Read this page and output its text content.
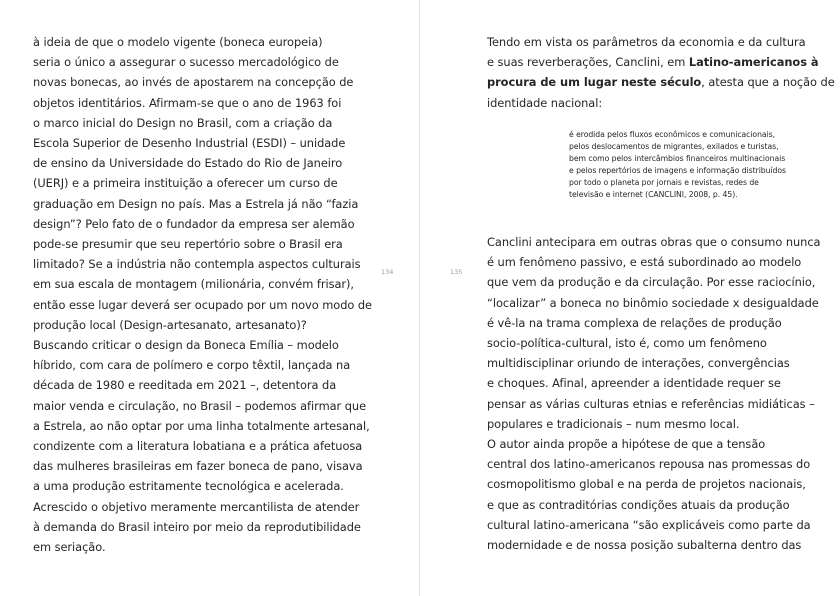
134	135
à ideia de que o modelo vigente (boneca europeia)
seria o único a assegurar o sucesso mercadológico de
novas bonecas, ao invés de apostarem na concepção de
objetos identitários. Afirmam-se que o ano de 1963 foi
o marco inicial do Design no Brasil, com a criação da
Escola Superior de Desenho Industrial (ESDI) – unidade
de ensino da Universidade do Estado do Rio de Janeiro
(UERJ) e a primeira instituição a oferecer um curso de
graduação em Design no país. Mas a Estrela já não “fazia
design”? Pelo fato de o fundador da empresa ser alemão
pode-se presumir que seu repertório sobre o Brasil era
limitado? Se a indústria não contempla aspectos culturais
em sua escala de montagem (milionária, convém frisar),
então esse lugar deverá ser ocupado por um novo modo de
produção local (Design-artesanato, artesanato)?
Buscando criticar o design da Boneca Emília – modelo
híbrido, com cara de polímero e corpo têxtil, lançada na
década de 1980 e reeditada em 2021 –, detentora da
maior venda e circulação, no Brasil – podemos afirmar que
a Estrela, ao não optar por uma linha totalmente artesanal,
condizente com a literatura lobatiana e a prática afetuosa
das mulheres brasileiras em fazer boneca de pano, visava
a uma produção estritamente tecnológica e acelerada.
Acrescido o objetivo meramente mercantilista de atender
à demanda do Brasil inteiro por meio da reprodutibilidade
em seriação.
Tendo em vista os parâmetros da economia e da cultura
e suas reverberações, Canclini, em Latino-americanos à
procura de um lugar neste século, atesta que a noção de
identidade nacional:
é erodida pelos fluxos econômicos e comunicacionais,
pelos deslocamentos de migrantes, exilados e turistas,
bem como pelos intercâmbios financeiros multinacionais
e pelos repertórios de imagens e informação distribuídos
por todo o planeta por jornais e revistas, redes de
televisão e internet (CANCLINI, 2008, p. 45).
Canclini antecipara em outras obras que o consumo nunca
é um fenômeno passivo, e está subordinado ao modelo
que vem da produção e da circulação. Por esse raciocínio,
“localizar” a boneca no binômio sociedade x desigualdade
é vê-la na trama complexa de relações de produção
socio-política-cultural, isto é, como um fenômeno
multidisciplinar oriundo de interações, convergências
e choques. Afinal, apreender a identidade requer se
pensar as várias culturas etnias e referências midiáticas –
populares e tradicionais – num mesmo local.
O autor ainda propõe a hipótese de que a tensão
central dos latino-americanos repousa nas promessas do
cosmopolitismo global e na perda de projetos nacionais,
e que as contraditórias condições atuais da produção
cultural latino-americana “são explicáveis como parte da
modernidade e de nossa posição subalterna dentro das
